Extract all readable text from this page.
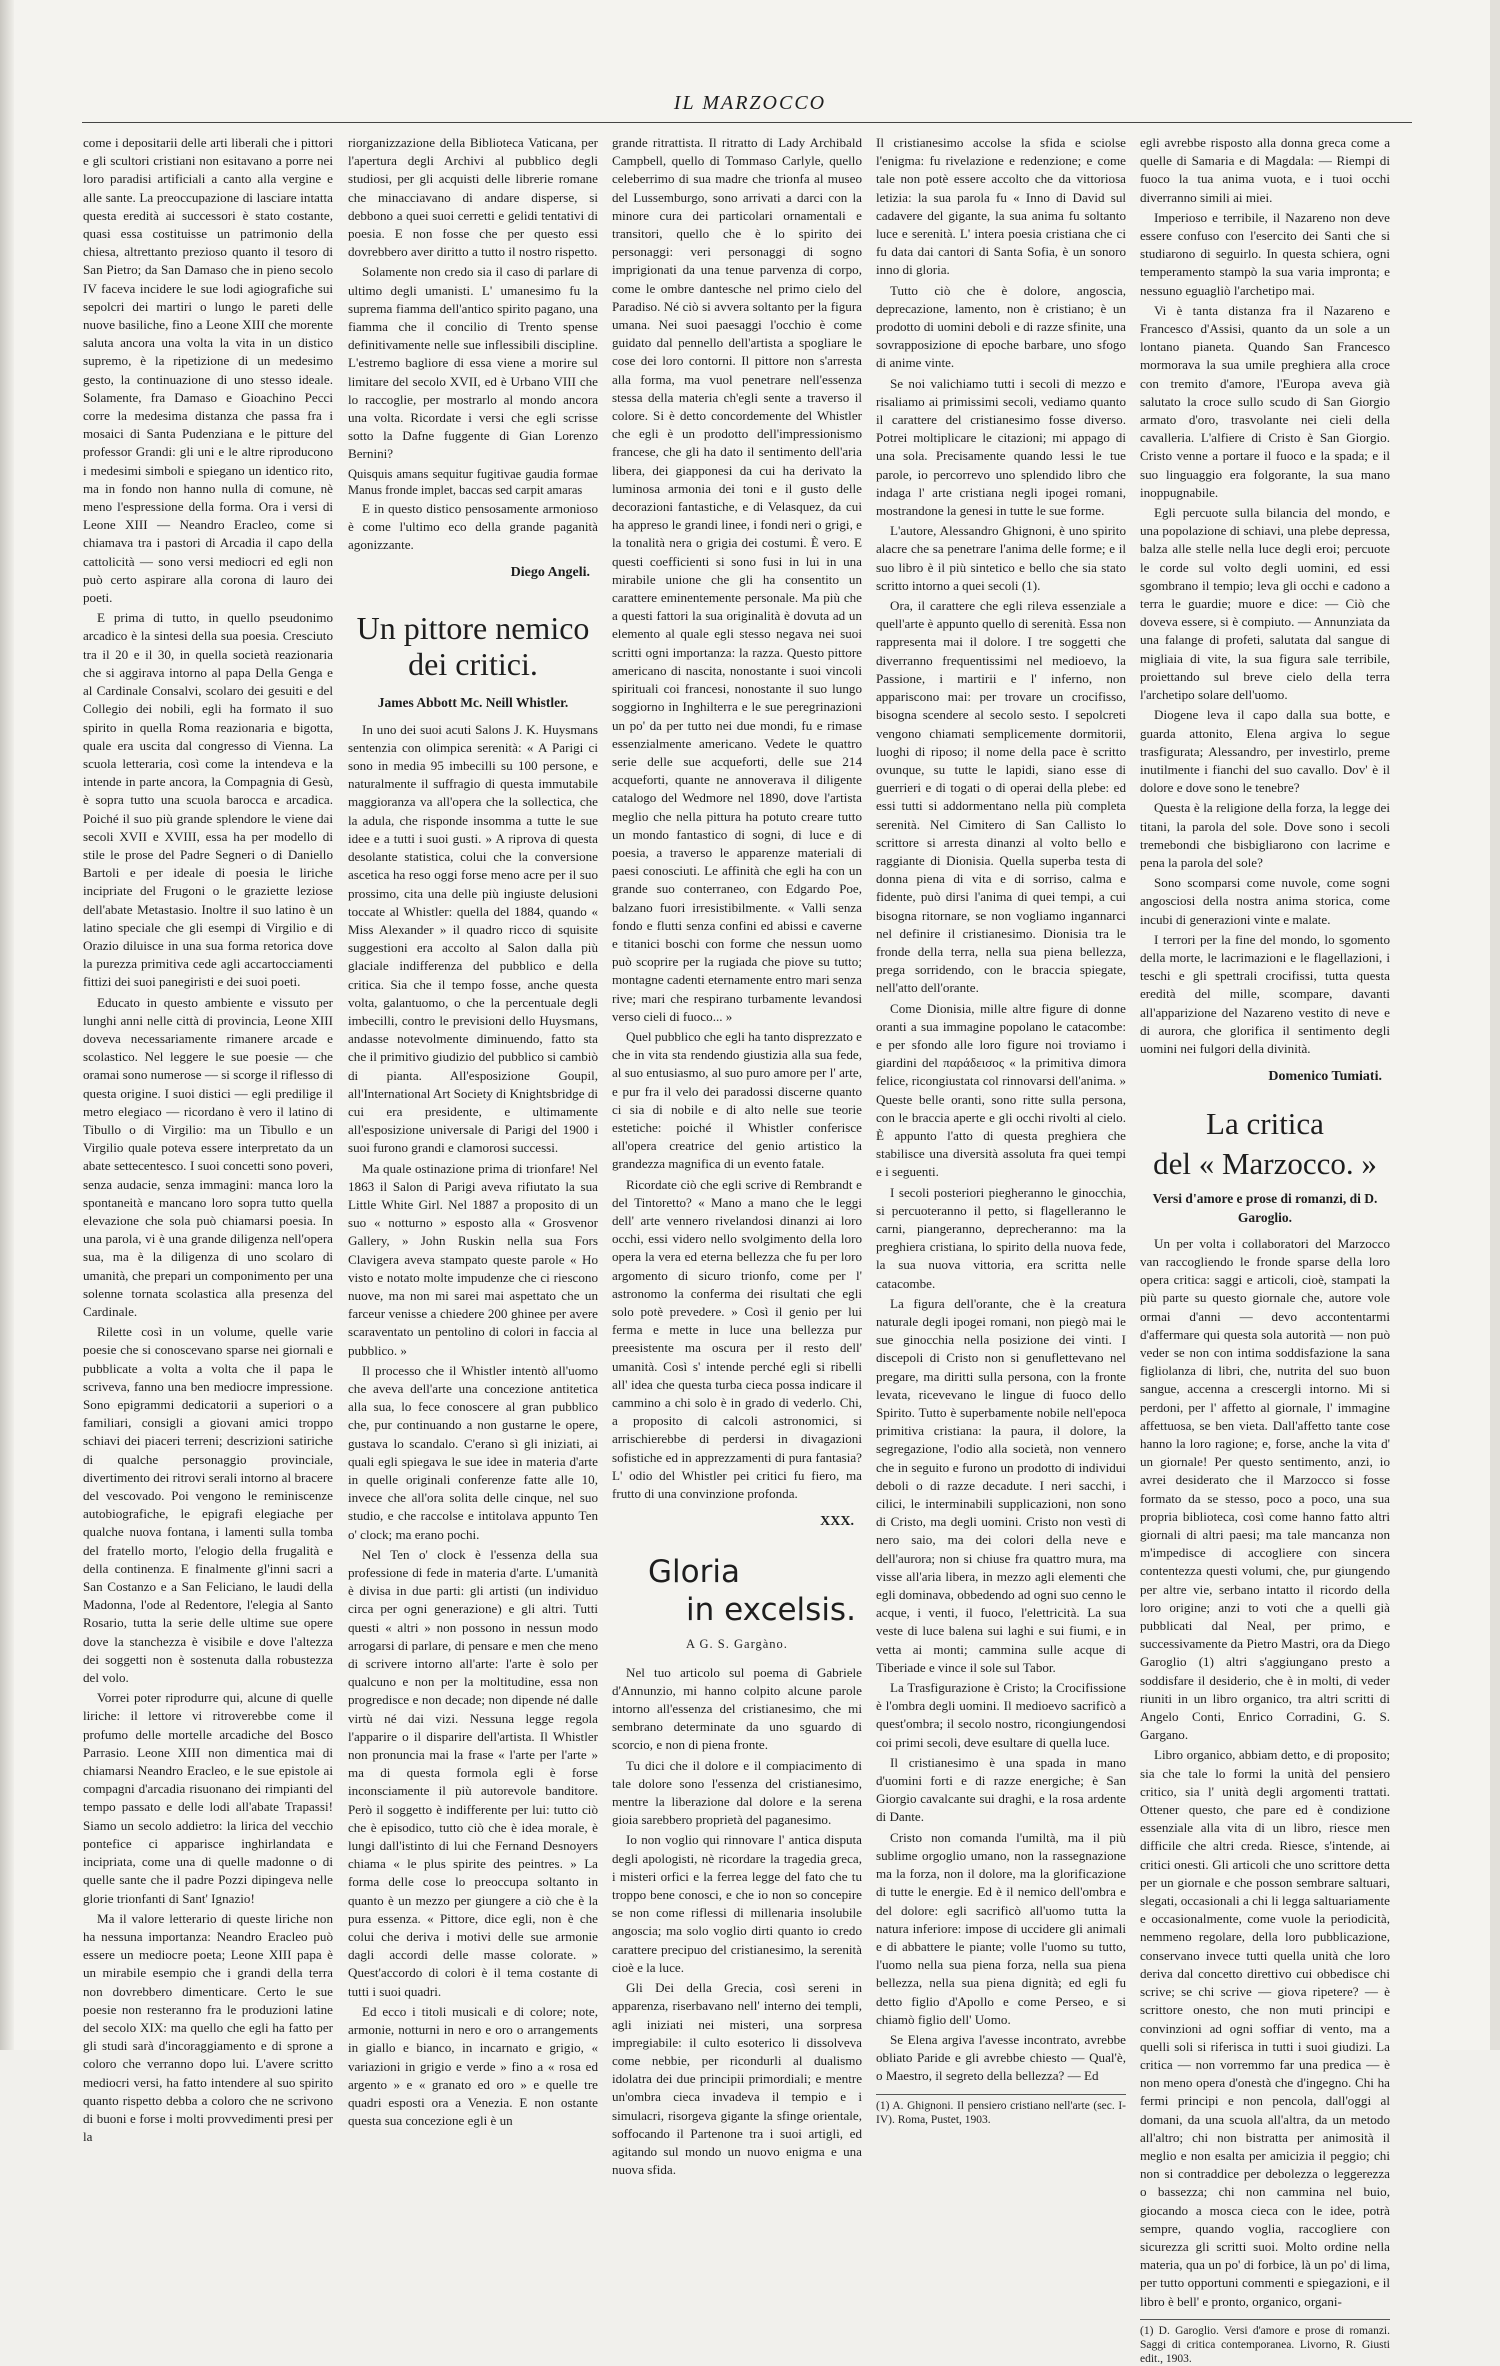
IL MARZOCCO

come i depositarii delle arti liberali che i pittori e gli scultori cristiani non esitavano a porre nei loro paradisi artificiali a canto alla vergine e alle sante. La preoccupazione di lasciare intatta questa eredità ai successori è stato costante, quasi essa costituisse un patrimonio della chiesa, altrettanto prezioso quanto il tesoro di San Pietro; da San Damaso che in pieno secolo IV faceva incidere le sue lodi agiografiche sui sepolcri dei martiri o lungo le pareti delle nuove basiliche, fino a Leone XIII che morente saluta ancora una volta la vita in un distico supremo, è la ripetizione di un medesimo gesto, la continuazione di uno stesso ideale. Solamente, fra Damaso e Gioachino Pecci corre la medesima distanza che passa fra i mosaici di Santa Pudenziana e le pitture del professor Grandi: gli uni e le altre riproducono i medesimi simboli e spiegano un identico rito, ma in fondo non hanno nulla di comune, nè meno l'espressione della forma. Ora i versi di Leone XIII — Neandro Eracleo, come si chiamava tra i pastori di Arcadia il capo della cattolicità — sono versi mediocri ed egli non può certo aspirare alla corona di lauro dei poeti.

E prima di tutto, in quello pseudonimo arcadico è la sintesi della sua poesia. Cresciuto tra il 20 e il 30, in quella società reazionaria che si aggirava intorno al papa Della Genga e al Cardinale Consalvi, scolaro dei gesuiti e del Collegio dei nobili, egli ha formato il suo spirito in quella Roma reazionaria e bigotta, quale era uscita dal congresso di Vienna. La scuola letteraria, così come la intendeva e la intende in parte ancora, la Compagnia di Gesù, è sopra tutto una scuola barocca e arcadica. Poiché il suo più grande splendore le viene dai secoli XVII e XVIII, essa ha per modello di stile le prose del Padre Segneri o di Daniello Bartoli e per ideale di poesia le liriche incipriate del Frugoni o le graziette leziose dell'abate Metastasio. Inoltre il suo latino è un latino speciale che gli esempi di Virgilio e di Orazio diluisce in una sua forma retorica dove la purezza primitiva cede agli accartocciamenti fittizi dei suoi panegiristi e dei suoi poeti.

Educato in questo ambiente e vissuto per lunghi anni nelle città di provincia, Leone XIII doveva necessariamente rimanere arcade e scolastico. Nel leggere le sue poesie — che oramai sono numerose — si scorge il riflesso di questa origine. I suoi distici — egli predilige il metro elegiaco — ricordano è vero il latino di Tibullo o di Virgilio: ma un Tibullo e un Virgilio quale poteva essere interpretato da un abate settecentesco. I suoi concetti sono poveri, senza audacie, senza immagini: manca loro la spontaneità e mancano loro sopra tutto quella elevazione che sola può chiamarsi poesia. In una parola, vi è una grande diligenza nell'opera sua, ma è la diligenza di uno scolaro di umanità, che prepari un componimento per una solenne tornata scolastica alla presenza del Cardinale.

Rilette così in un volume, quelle varie poesie che si conoscevano sparse nei giornali e pubblicate a volta a volta che il papa le scriveva, fanno una ben mediocre impressione. Sono epigrammi dedicatorii a superiori o a familiari, consigli a giovani amici troppo schiavi dei piaceri terreni; descrizioni satiriche di qualche personaggio provinciale, divertimento dei ritrovi serali intorno al bracere del vescovado. Poi vengono le reminiscenze autobiografiche, le epigrafi elegiache per qualche nuova fontana, i lamenti sulla tomba del fratello morto, l'elogio della frugalità e della continenza. E finalmente gl'inni sacri a San Costanzo e a San Feliciano, le laudi della Madonna, l'ode al Redentore, l'elegia al Santo Rosario, tutta la serie delle ultime sue opere dove la stanchezza è visibile e dove l'altezza dei soggetti non è sostenuta dalla robustezza del volo.

Vorrei poter riprodurre qui, alcune di quelle liriche: il lettore vi ritroverebbe come il profumo delle mortelle arcadiche del Bosco Parrasio. Leone XIII non dimentica mai di chiamarsi Neandro Eracleo, e le sue epistole ai compagni d'arcadia risuonano dei rimpianti del tempo passato e delle lodi all'abate Trapassi! Siamo un secolo addietro: la lirica del vecchio pontefice ci apparisce inghirlandata e incipriata, come una di quelle madonne o di quelle sante che il padre Pozzi dipingeva nelle glorie trionfanti di Sant' Ignazio!

Ma il valore letterario di queste liriche non ha nessuna importanza: Neandro Eracleo può essere un mediocre poeta; Leone XIII papa è un mirabile esempio che i grandi della terra non dovrebbero dimenticare. Certo le sue poesie non resteranno fra le produzioni latine del secolo XIX: ma quello che egli ha fatto per gli studi sarà d'incoraggiamento e di sprone a coloro che verranno dopo lui. L'avere scritto mediocri versi, ha fatto intendere al suo spirito quanto rispetto debba a coloro che ne scrivono di buoni e forse i molti provvedimenti presi per la

riorganizzazione della Biblioteca Vaticana, per l'apertura degli Archivi al pubblico degli studiosi, per gli acquisti delle librerie romane che minacciavano di andare disperse, si debbono a quei suoi cerretti e gelidi tentativi di poesia. E non fosse che per questo essi dovrebbero aver diritto a tutto il nostro rispetto.

Solamente non credo sia il caso di parlare di ultimo degli umanisti. L' umanesimo fu la suprema fiamma dell'antico spirito pagano, una fiamma che il concilio di Trento spense definitivamente nelle sue inflessibili discipline. L'estremo bagliore di essa viene a morire sul limitare del secolo XVII, ed è Urbano VIII che lo raccoglie, per mostrarlo al mondo ancora una volta. Ricordate i versi che egli scrisse sotto la Dafne fuggente di Gian Lorenzo Bernini?

Quisquis amans sequitur fugitivae gaudia formae Manus fronde implet, baccas sed carpit amaras

E in questo distico pensosamente armonioso è come l'ultimo eco della grande paganità agonizzante.

Diego Angeli.
Un pittore nemico dei critici.
James Abbott Mc. Neill Whistler.

In uno dei suoi acuti Salons J. K. Huysmans sentenzia con olimpica serenità: « A Parigi ci sono in media 95 imbecilli su 100 persone, e naturalmente il suffragio di questa immutabile maggioranza va all'opera che la sollectica, che la adula, che risponde insomma a tutte le sue idee e a tutti i suoi gusti. » A riprova di questa desolante statistica, colui che la conversione ascetica ha reso oggi forse meno acre per il suo prossimo, cita una delle più ingiuste delusioni toccate al Whistler: quella del 1884, quando « Miss Alexander » il quadro ricco di squisite suggestioni era accolto al Salon dalla più glaciale indifferenza del pubblico e della critica. Sia che il tempo fosse, anche questa volta, galantuomo, o che la percentuale degli imbecilli, contro le previsioni dello Huysmans, andasse notevolmente diminuendo, fatto sta che il primitivo giudizio del pubblico si cambiò di pianta. All'esposizione Goupil, all'International Art Society di Knightsbridge di cui era presidente, e ultimamente all'esposizione universale di Parigi del 1900 i suoi furono grandi e clamorosi successi.

Ma quale ostinazione prima di trionfare! Nel 1863 il Salon di Parigi aveva rifiutato la sua Little White Girl. Nel 1887 a proposito di un suo « notturno » esposto alla « Grosvenor Gallery, » John Ruskin nella sua Fors Clavigera aveva stampato queste parole « Ho visto e notato molte impudenze che ci riescono nuove, ma non mi sarei mai aspettato che un farceur venisse a chiedere 200 ghinee per avere scaraventato un pentolino di colori in faccia al pubblico. »

Il processo che il Whistler intentò all'uomo che aveva dell'arte una concezione antitetica alla sua, lo fece conoscere al gran pubblico che, pur continuando a non gustarne le opere, gustava lo scandalo. C'erano sì gli iniziati, ai quali egli spiegava le sue idee in materia d'arte in quelle originali conferenze fatte alle 10, invece che all'ora solita delle cinque, nel suo studio, e che raccolse e intitolava appunto Ten o' clock; ma erano pochi.

Nel Ten o' clock è l'essenza della sua professione di fede in materia d'arte. L'umanità è divisa in due parti: gli artisti (un individuo circa per ogni generazione) e gli altri. Tutti questi « altri » non possono in nessun modo arrogarsi di parlare, di pensare e men che meno di scrivere intorno all'arte: l'arte è solo per qualcuno e non per la moltitudine, essa non progredisce e non decade; non dipende né dalle virtù né dai vizi. Nessuna legge regola l'apparire o il disparire dell'artista. Il Whistler non pronuncia mai la frase « l'arte per l'arte » ma di questa formola egli è forse inconsciamente il più autorevole banditore. Però il soggetto è indifferente per lui: tutto ciò che è episodico, tutto ciò che è idea morale, è lungi dall'istinto di lui che Fernand Desnoyers chiama « le plus spirite des peintres. » La forma delle cose lo preoccupa soltanto in quanto è un mezzo per giungere a ciò che è la pura essenza. « Pittore, dice egli, non è che colui che deriva i motivi delle sue armonie dagli accordi delle masse colorate. » Quest'accordo di colori è il tema costante di tutti i suoi quadri.

Ed ecco i titoli musicali e di colore; note, armonie, notturni in nero e oro o arrangements in giallo e bianco, in incarnato e grigio, « variazioni in grigio e verde » fino a « rosa ed argento » e « granato ed oro » e quelle tre quadri esposti ora a Venezia. E non ostante questa sua concezione egli è un

grande ritrattista. Il ritratto di Lady Archibald Campbell, quello di Tommaso Carlyle, quello celeberrimo di sua madre che trionfa al museo del Lussemburgo, sono arrivati a darci con la minore cura dei particolari ornamentali e transitori, quello che è lo spirito dei personaggi: veri personaggi di sogno imprigionati da una tenue parvenza di corpo, come le ombre dantesche nel primo cielo del Paradiso. Né ciò si avvera soltanto per la figura umana. Nei suoi paesaggi l'occhio è come guidato dal pennello dell'artista a spogliare le cose dei loro contorni. Il pittore non s'arresta alla forma, ma vuol penetrare nell'essenza stessa della materia ch'egli sente a traverso il colore. Si è detto concordemente del Whistler che egli è un prodotto dell'impressionismo francese, che gli ha dato il sentimento dell'aria libera, dei giapponesi da cui ha derivato la luminosa armonia dei toni e il gusto delle decorazioni fantastiche, e di Velasquez, da cui ha appreso le grandi linee, i fondi neri o grigi, e la tonalità nera o grigia dei costumi. È vero. E questi coefficienti si sono fusi in lui in una mirabile unione che gli ha consentito un carattere eminentemente personale. Ma più che a questi fattori la sua originalità è dovuta ad un elemento al quale egli stesso negava nei suoi scritti ogni importanza: la razza. Questo pittore americano di nascita, nonostante i suoi vincoli spirituali coi francesi, nonostante il suo lungo soggiorno in Inghilterra e le sue peregrinazioni un po' da per tutto nei due mondi, fu e rimase essenzialmente americano. Vedete le quattro serie delle sue acqueforti, delle sue 214 acqueforti, quante ne annoverava il diligente catalogo del Wedmore nel 1890, dove l'artista meglio che nella pittura ha potuto creare tutto un mondo fantastico di sogni, di luce e di poesia, a traverso le apparenze materiali di paesi conosciuti. Le affinità che egli ha con un grande suo conterraneo, con Edgardo Poe, balzano fuori irresistibilmente. « Valli senza fondo e flutti senza confini ed abissi e caverne e titanici boschi con forme che nessun uomo può scoprire per la rugiada che piove su tutto; montagne cadenti eternamente entro mari senza rive; mari che respirano turbamente levandosi verso cieli di fuoco... »

Quel pubblico che egli ha tanto disprezzato e che in vita sta rendendo giustizia alla sua fede, al suo entusiasmo, al suo puro amore per l' arte, e pur fra il velo dei paradossi discerne quanto ci sia di nobile e di alto nelle sue teorie estetiche: poiché il Whistler conferisce all'opera creatrice del genio artistico la grandezza magnifica di un evento fatale.

Ricordate ciò che egli scrive di Rembrandt e del Tintoretto? « Mano a mano che le leggi dell' arte vennero rivelandosi dinanzi ai loro occhi, essi videro nello svolgimento della loro opera la vera ed eterna bellezza che fu per loro argomento di sicuro trionfo, come per l' astronomo la conferma dei risultati che egli solo potè prevedere. » Così il genio per lui ferma e mette in luce una bellezza pur preesistente ma oscura per il resto dell' umanità. Così s' intende perché egli si ribelli all' idea che questa turba cieca possa indicare il cammino a chi solo è in grado di vederlo. Chi, a proposito di calcoli astronomici, si arrischierebbe di perdersi in divagazioni sofistiche ed in apprezzamenti di pura fantasia? L' odio del Whistler pei critici fu fiero, ma frutto di una convinzione profonda.

XXX.
Gloria
in excelsis.
A G. S. Gargàno.

Nel tuo articolo sul poema di Gabriele d'Annunzio, mi hanno colpito alcune parole intorno all'essenza del cristianesimo, che mi sembrano determinate da uno sguardo di scorcio, e non di piena fronte.

Tu dici che il dolore e il compiacimento di tale dolore sono l'essenza del cristianesimo, mentre la liberazione dal dolore e la serena gioia sarebbero proprietà del paganesimo.

Io non voglio qui rinnovare l' antica disputa degli apologisti, nè ricordare la tragedia greca, i misteri orfici e la ferrea legge del fato che tu troppo bene conosci, e che io non so concepire se non come riflessi di millenaria insolubile angoscia; ma solo voglio dirti quanto io credo carattere precipuo del cristianesimo, la serenità cioè e la luce.

Gli Dei della Grecia, così sereni in apparenza, riserbavano nell' interno dei templi, agli iniziati nei misteri, una sorpresa impregiabile: il culto esoterico li dissolveva come nebbie, per ricondurli al dualismo idolatra dei due principii primordiali; e mentre un'ombra cieca invadeva il tempio e i simulacri, risorgeva gigante la sfinge orientale, soffocando il Partenone tra i suoi artigli, ed agitando sul mondo un nuovo enigma e una nuova sfida.

Il cristianesimo accolse la sfida e sciolse l'enigma: fu rivelazione e redenzione; e come tale non potè essere accolto che da vittoriosa letizia: la sua parola fu « Inno di David sul cadavere del gigante, la sua anima fu soltanto luce e serenità. L' intera poesia cristiana che ci fu data dai cantori di Santa Sofia, è un sonoro inno di gloria.

Tutto ciò che è dolore, angoscia, deprecazione, lamento, non è cristiano; è un prodotto di uomini deboli e di razze sfinite, una sovrapposizione di epoche barbare, uno sfogo di anime vinte.

Se noi valichiamo tutti i secoli di mezzo e risaliamo ai primissimi secoli, vediamo quanto il carattere del cristianesimo fosse diverso. Potrei moltiplicare le citazioni; mi appago di una sola. Precisamente quando lessi le tue parole, io percorrevo uno splendido libro che indaga l' arte cristiana negli ipogei romani, mostrandone la genesi in tutte le sue forme.

L'autore, Alessandro Ghignoni, è uno spirito alacre che sa penetrare l'anima delle forme; e il suo libro è il più sintetico e bello che sia stato scritto intorno a quei secoli (1).

Ora, il carattere che egli rileva essenziale a quell'arte è appunto quello di serenità. Essa non rappresenta mai il dolore. I tre soggetti che diverranno frequentissimi nel medioevo, la Passione, i martirii e l' inferno, non appariscono mai: per trovare un crocifisso, bisogna scendere al secolo sesto. I sepolcreti vengono chiamati semplicemente dormitorii, luoghi di riposo; il nome della pace è scritto ovunque, su tutte le lapidi, siano esse di guerrieri e di togati o di operai della plebe: ed essi tutti si addormentano nella più completa serenità. Nel Cimitero di San Callisto lo scrittore si arresta dinanzi al volto bello e raggiante di Dionisia. Quella superba testa di donna piena di vita e di sorriso, calma e fidente, può dirsi l'anima di quei tempi, a cui bisogna ritornare, se non vogliamo ingannarci nel definire il cristianesimo. Dionisia tra le fronde della terra, nella sua piena bellezza, prega sorridendo, con le braccia spiegate, nell'atto dell'orante.

Come Dionisia, mille altre figure di donne oranti a sua immagine popolano le catacombe: e per sfondo alle loro figure noi troviamo i giardini del παράδεισος « la primitiva dimora felice, ricongiustata col rinnovarsi dell'anima. » Queste belle oranti, sono ritte sulla persona, con le braccia aperte e gli occhi rivolti al cielo. È appunto l'atto di questa preghiera che stabilisce una diversità assoluta fra quei tempi e i seguenti.

I secoli posteriori piegheranno le ginocchia, si percuoteranno il petto, si flagelleranno le carni, piangeranno, deprecheranno: ma la preghiera cristiana, lo spirito della nuova fede, la sua nuova vittoria, era scritta nelle catacombe.

La figura dell'orante, che è la creatura naturale degli ipogei romani, non piegò mai le sue ginocchia nella posizione dei vinti. I discepoli di Cristo non si genuflettevano nel pregare, ma diritti sulla persona, con la fronte levata, ricevevano le lingue di fuoco dello Spirito. Tutto è superbamente nobile nell'epoca primitiva cristiana: la paura, il dolore, la segregazione, l'odio alla società, non vennero che in seguito e furono un prodotto di individui deboli o di razze decadute. I neri sacchi, i cilici, le interminabili supplicazioni, non sono di Cristo, ma degli uomini. Cristo non vestì di nero saio, ma dei colori della neve e dell'aurora; non si chiuse fra quattro mura, ma visse all'aria libera, in mezzo agli elementi che egli dominava, obbedendo ad ogni suo cenno le acque, i venti, il fuoco, l'elettricità. La sua veste di luce balena sui laghi e sui fiumi, e in vetta ai monti; cammina sulle acque di Tiberiade e vince il sole sul Tabor.

La Trasfigurazione è Cristo; la Crocifissione è l'ombra degli uomini. Il medioevo sacrificò a quest'ombra; il secolo nostro, ricongiungendosi coi primi secoli, deve esultare di quella luce.

Il cristianesimo è una spada in mano d'uomini forti e di razze energiche; è San Giorgio cavalcante sui draghi, e la rosa ardente di Dante.

Cristo non comanda l'umiltà, ma il più sublime orgoglio umano, non la rassegnazione ma la forza, non il dolore, ma la glorificazione di tutte le energie. Ed è il nemico dell'ombra e del dolore: egli sacrificò all'uomo tutta la natura inferiore: impose di uccidere gli animali e di abbattere le piante; volle l'uomo su tutto, l'uomo nella sua piena forza, nella sua piena bellezza, nella sua piena dignità; ed egli fu detto figlio d'Apollo e come Perseo, e si chiamò figlio dell' Uomo.

Se Elena argiva l'avesse incontrato, avrebbe obliato Paride e gli avrebbe chiesto — Qual'è, o Maestro, il segreto della bellezza? — Ed

(1) A. Ghignoni. Il pensiero cristiano nell'arte (sec. I-IV). Roma, Pustet, 1903.

egli avrebbe risposto alla donna greca come a quelle di Samaria e di Magdala: — Riempi di fuoco la tua anima vuota, e i tuoi occhi diverranno simili ai miei.

Imperioso e terribile, il Nazareno non deve essere confuso con l'esercito dei Santi che si studiarono di seguirlo. In questa schiera, ogni temperamento stampò la sua varia impronta; e nessuno eguagliò l'archetipo mai.

Vi è tanta distanza fra il Nazareno e Francesco d'Assisi, quanto da un sole a un lontano pianeta. Quando San Francesco mormorava la sua umile preghiera alla croce con tremito d'amore, l'Europa aveva già salutato la croce sullo scudo di San Giorgio armato d'oro, trasvolante nei cieli della cavalleria. L'alfiere di Cristo è San Giorgio. Cristo venne a portare il fuoco e la spada; e il suo linguaggio era folgorante, la sua mano inoppugnabile.

Egli percuote sulla bilancia del mondo, e una popolazione di schiavi, una plebe depressa, balza alle stelle nella luce degli eroi; percuote le corde sul volto degli uomini, ed essi sgombrano il tempio; leva gli occhi e cadono a terra le guardie; muore e dice: — Ciò che doveva essere, si è compiuto. — Annunziata da una falange di profeti, salutata dal sangue di migliaia di vite, la sua figura sale terribile, proiettando sul breve cielo della terra l'archetipo solare dell'uomo.

Diogene leva il capo dalla sua botte, e guarda attonito, Elena argiva lo segue trasfigurata; Alessandro, per investirlo, preme inutilmente i fianchi del suo cavallo. Dov' è il dolore e dove sono le tenebre?

Questa è la religione della forza, la legge dei titani, la parola del sole. Dove sono i secoli tremebondi che bisbigliarono con lacrime e pena la parola del sole?

Sono scomparsi come nuvole, come sogni angosciosi della nostra anima storica, come incubi di generazioni vinte e malate.

I terrori per la fine del mondo, lo sgomento della morte, le lacrimazioni e le flagellazioni, i teschi e gli spettrali crocifissi, tutta questa eredità del mille, scompare, davanti all'apparizione del Nazareno vestito di neve e di aurora, che glorifica il sentimento degli uomini nei fulgori della divinità.

Domenico Tumiati.
La critica
del « Marzocco. »
Versi d'amore e prose di romanzi, di D. Garoglio.

Un per volta i collaboratori del Marzocco van raccogliendo le fronde sparse della loro opera critica: saggi e articoli, cioè, stampati la più parte su questo giornale che, autore vole ormai d'anni — devo accontentarmi d'affermare qui questa sola autorità — non può veder se non con intima soddisfazione la sana figliolanza di libri, che, nutrita del suo buon sangue, accenna a crescergli intorno. Mi si perdoni, per l' affetto al giornale, l' immagine affettuosa, se ben vieta. Dall'affetto tante cose hanno la loro ragione; e, forse, anche la vita d' un giornale! Per questo sentimento, anzi, io avrei desiderato che il Marzocco si fosse formato da se stesso, poco a poco, una sua propria biblioteca, così come hanno fatto altri giornali di altri paesi; ma tale mancanza non m'impedisce di accogliere con sincera contentezza questi volumi, che, pur giungendo per altre vie, serbano intatto il ricordo della loro origine; anzi to voti che a quelli già pubblicati dal Neal, per primo, e successivamente da Pietro Mastri, ora da Diego Garoglio (1) altri s'aggiungano presto a soddisfare il desiderio, che è in molti, di veder riuniti in un libro organico, tra altri scritti di Angelo Conti, Enrico Corradini, G. S. Gargano.

Libro organico, abbiam detto, e di proposito; sia che tale lo formi la unità del pensiero critico, sia l' unità degli argomenti trattati. Ottener questo, che pare ed è condizione essenziale alla vita di un libro, riesce men difficile che altri creda. Riesce, s'intende, ai critici onesti. Gli articoli che uno scrittore detta per un giornale e che posson sembrare saltuari, slegati, occasionali a chi li legga saltuariamente e occasionalmente, come vuole la periodicità, nemmeno regolare, della loro pubblicazione, conservano invece tutti quella unità che loro deriva dal concetto direttivo cui obbedisce chi scrive; se chi scrive — giova ripetere? — è scrittore onesto, che non muti principi e convinzioni ad ogni soffiar di vento, ma a quelli soli si riferisca in tutti i suoi giudizi. La critica — non vorremmo far una predica — è non meno opera d'onestà che d'ingegno. Chi ha fermi principi e non pencola, dall'oggi al domani, da una scuola all'altra, da un metodo all'altro; chi non bistratta per animosità il meglio e non esalta per amicizia il peggio; chi non si contraddice per debolezza o leggerezza o bassezza; chi non cammina nel buio, giocando a mosca cieca con le idee, potrà sempre, quando voglia, raccogliere con sicurezza gli scritti suoi. Molto ordine nella materia, qua un po' di forbice, là un po' di lima, per tutto opportuni commenti e spiegazioni, e il libro è bell' e pronto, organico, organi-

(1) D. Garoglio. Versi d'amore e prose di romanzi. Saggi di critica contemporanea. Livorno, R. Giusti edit., 1903.
